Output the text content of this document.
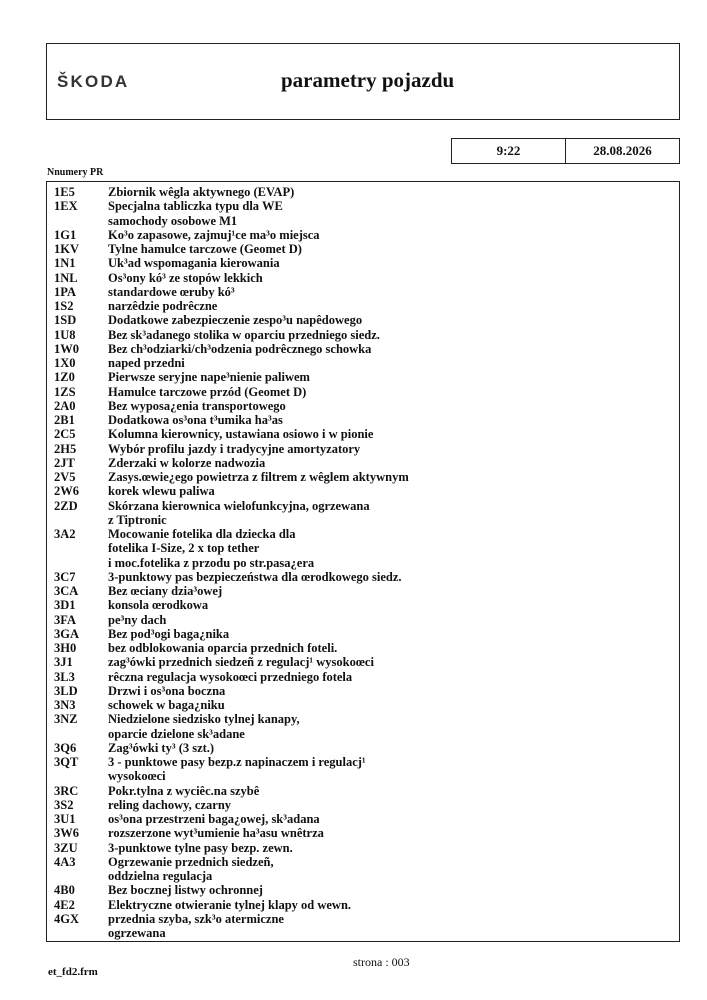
ŠKODA	parametry pojazdu
9:22	28.08.2026
Nnumery PR
1E5	Zbiornik wêgla aktywnego (EVAP)
1EX	Specjalna tabliczka typu dla WE
samochody osobowe M1
1G1	Ko³o zapasowe, zajmuj¹ce ma³o miejsca
1KV	Tylne hamulce tarczowe (Geomet D)
1N1	Uk³ad wspomagania kierowania
1NL	Os³ony kó³ ze stopów lekkich
1PA	standardowe œruby kó³
1S2	narzêdzie podrêczne
1SD	Dodatkowe zabezpieczenie zespo³u napêdowego
1U8	Bez sk³adanego stolika w oparciu przedniego siedz.
1W0	Bez ch³odziarki/ch³odzenia podrêcznego schowka
1X0	naped przedni
1Z0	Pierwsze seryjne nape³nienie paliwem
1ZS	Hamulce tarczowe przód (Geomet D)
2A0	Bez wyposa¿enia transportowego
2B1	Dodatkowa os³ona t³umika ha³as
2C5	Kolumna kierownicy, ustawiana osiowo i w pionie
2H5	Wybór profilu jazdy i tradycyjne amortyzatory
2JT	Zderzaki w kolorze nadwozia
2V5	Zasys.œwie¿ego powietrza z filtrem z wêglem aktywnym
2W6	korek wlewu paliwa
2ZD	Skórzana kierownica wielofunkcyjna, ogrzewana
z Tiptronic
3A2	Mocowanie fotelika dla dziecka dla
fotelika I-Size, 2 x top tether
i moc.fotelika z przodu po str.pasa¿era
3C7	3-punktowy pas bezpieczeństwa dla œrodkowego siedz.
3CA	Bez œciany dzia³owej
3D1	konsola œrodkowa
3FA	pe³ny dach
3GA	Bez pod³ogi baga¿nika
3H0	bez odblokowania oparcia przednich foteli.
3J1	zag³ówki przednich siedzeñ z regulacj¹ wysokoœci
3L3	rêczna regulacja wysokoœci przedniego fotela
3LD	Drzwi i os³ona boczna
3N3	schowek w baga¿niku
3NZ	Niedzielone siedzisko tylnej kanapy,
oparcie dzielone sk³adane
3Q6	Zag³ówki ty³ (3 szt.)
3QT	3 - punktowe pasy bezp.z napinaczem i regulacj¹
wysokoœci
3RC	Pokr.tylna z wyciêc.na szybê
3S2	reling dachowy, czarny
3U1	os³ona przestrzeni baga¿owej, sk³adana
3W6	rozszerzone wyt³umienie ha³asu wnêtrza
3ZU	3-punktowe tylne pasy bezp. zewn.
4A3	Ogrzewanie przednich siedzeñ,
oddzielna regulacja
4B0	Bez bocznej listwy ochronnej
4E2	Elektryczne otwieranie tylnej klapy od wewn.
4GX	przednia szyba, szk³o atermiczne
ogrzewana
strona : 003
et_fd2.frm
